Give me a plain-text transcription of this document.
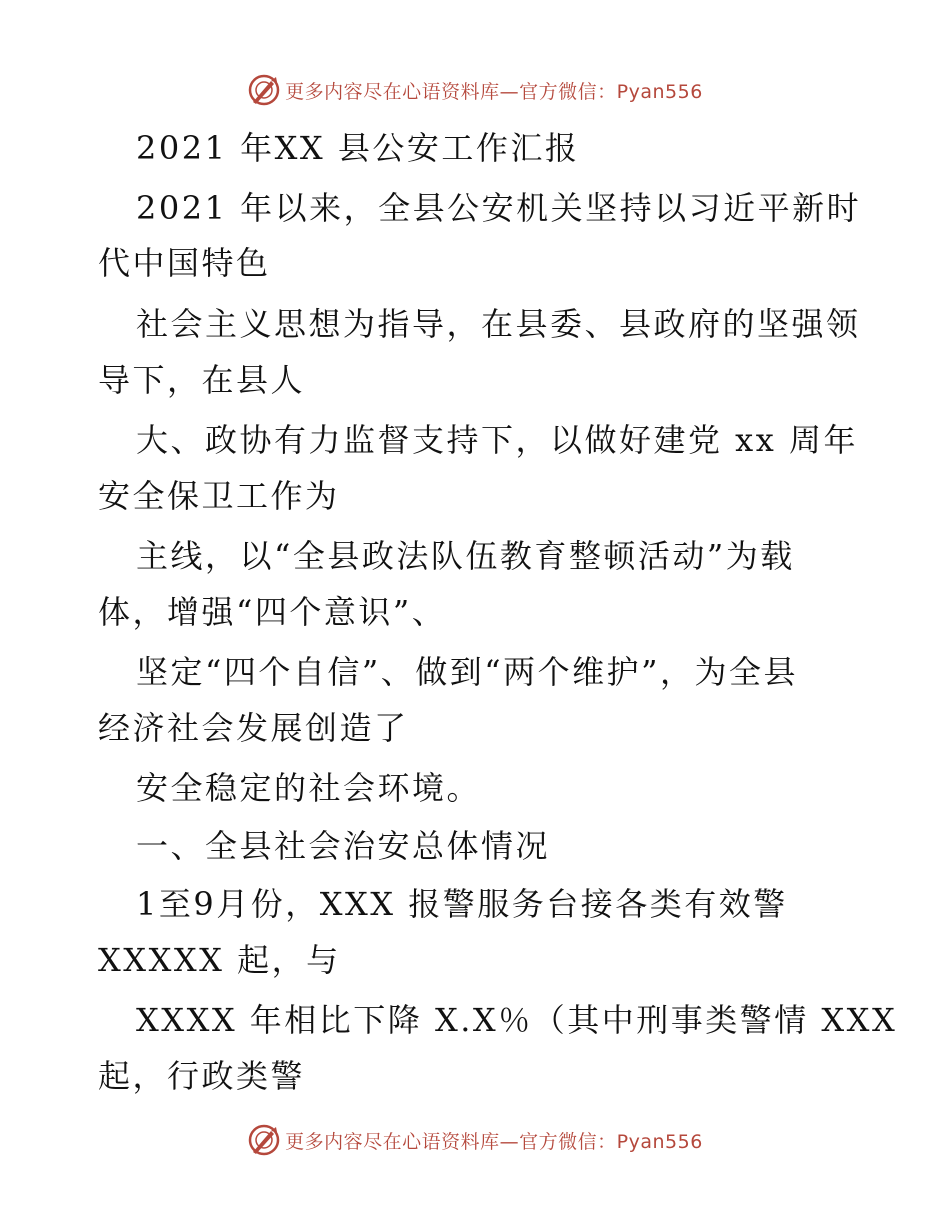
更多内容尽在心语资料库—官方微信：Pyan556
2021 年XX 县公安工作汇报
2021 年以来，全县公安机关坚持以习近平新时
代中国特色
社会主义思想为指导，在县委、县政府的坚强领
导下，在县人
大、政协有力监督支持下，以做好建党 xx 周年
安全保卫工作为
主线，以“全县政法队伍教育整顿活动”为载
体，增强“四个意识”、
坚定“四个自信”、做到“两个维护”，为全县
经济社会发展创造了
安全稳定的社会环境。
一、全县社会治安总体情况
1至9月份，XXX 报警服务台接各类有效警
XXXXX 起，与
XXXX 年相比下降 X.X％（其中刑事类警情 XXX
起，行政类警
更多内容尽在心语资料库—官方微信：Pyan556
